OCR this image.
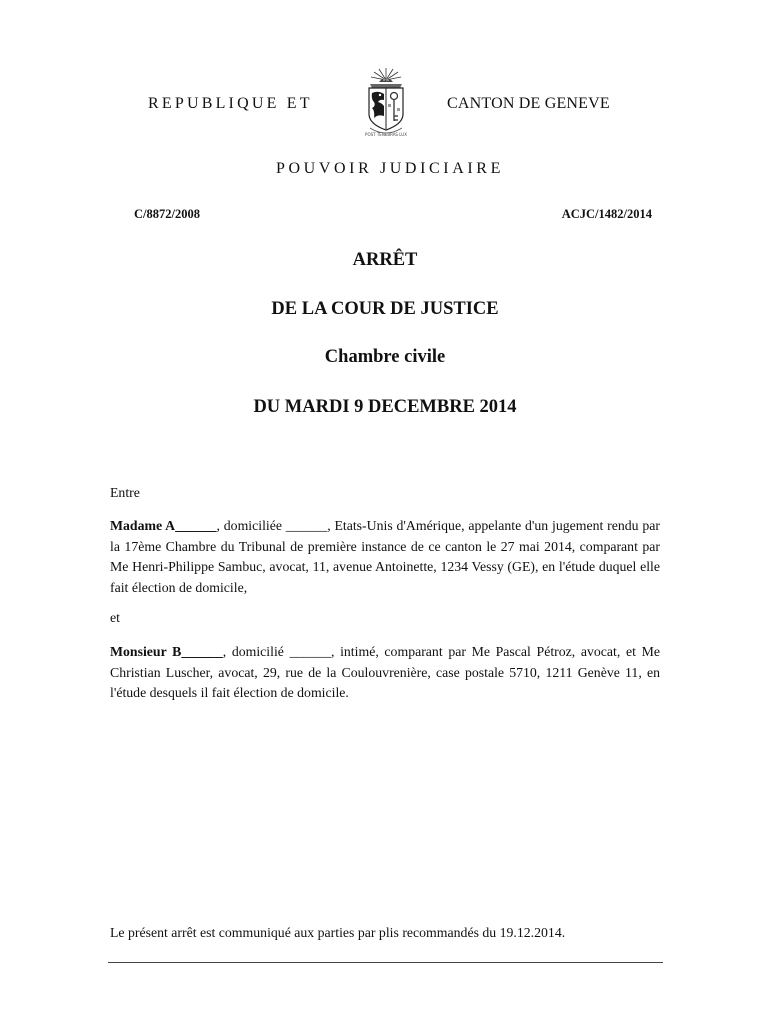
REPUBLIQUE ET
IHS
POST TENEBRAS LUX
CANTON DE GENEVE
POUVOIR JUDICIAIRE
C/8872/2008	ACJC/1482/2014
ARRÊT
DE LA COUR DE JUSTICE
Chambre civile
DU MARDI 9 DECEMBRE 2014
Entre
Madame A______, domiciliée ______, Etats-Unis d'Amérique, appelante d'un jugement rendu par la 17ème Chambre du Tribunal de première instance de ce canton le 27 mai 2014, comparant par Me Henri-Philippe Sambuc, avocat, 11, avenue Antoinette, 1234 Vessy (GE), en l'étude duquel elle fait élection de domicile,
et
Monsieur B______, domicilié ______, intimé, comparant par Me Pascal Pétroz, avocat, et Me Christian Luscher, avocat, 29, rue de la Coulouvrenière, case postale 5710, 1211 Genève 11, en l'étude desquels il fait élection de domicile.
Le présent arrêt est communiqué aux parties par plis recommandés du 19.12.2014.
